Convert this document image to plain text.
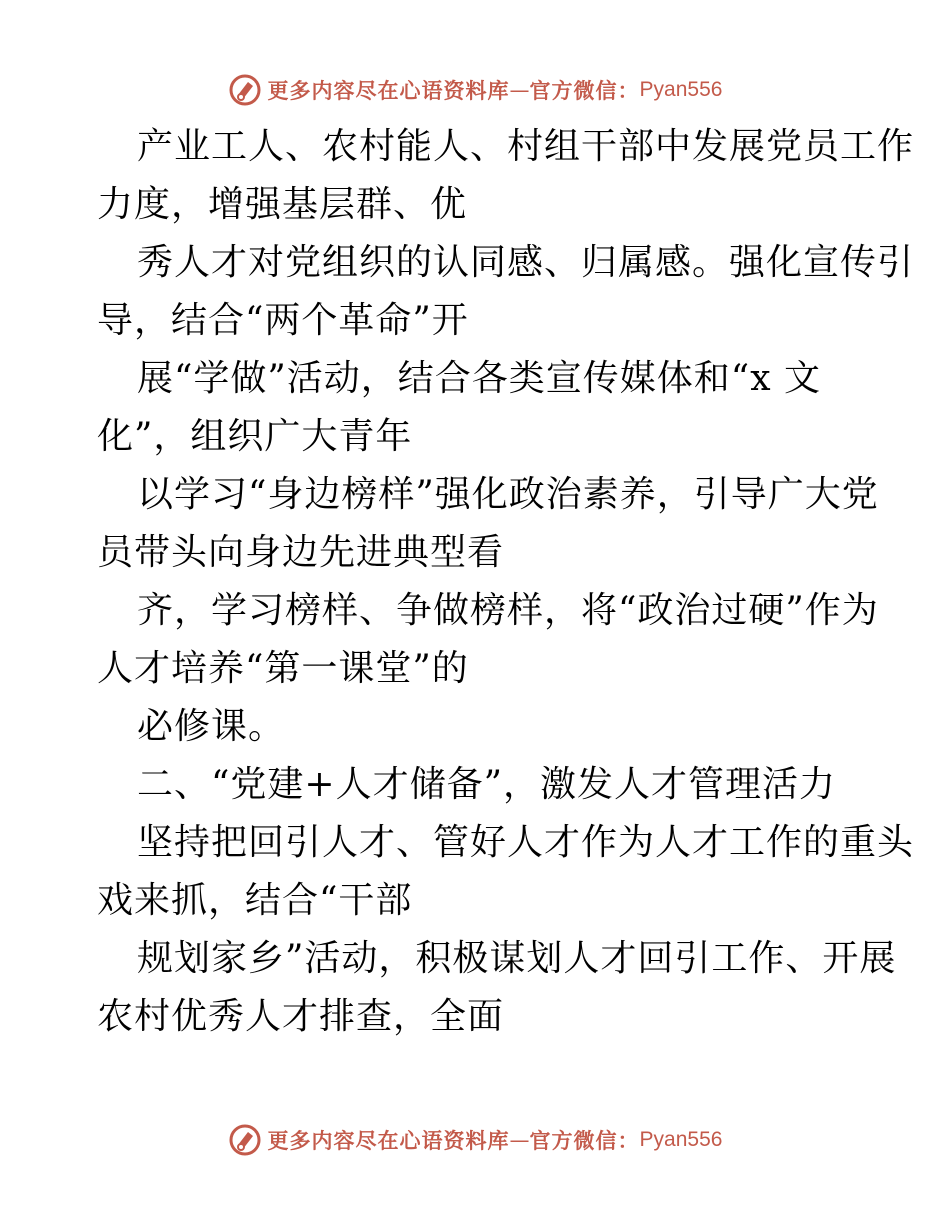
更多内容尽在心语资料库 — 官方微信： Pyan556
产业工人、农村能人、村组干部中发展党员工作
力度，增强基层群、优
秀人才对党组织的认同感、归属感。强化宣传引
导，结合“两个革命”开
展“学做”活动，结合各类宣传媒体和“x 文
化”，组织广大青年
以学习“身边榜样”强化政治素养，引导广大党
员带头向身边先进典型看
齐，学习榜样、争做榜样，将“政治过硬”作为
人才培养“第一课堂”的
必修课。
二、“党建+人才储备”，激发人才管理活力
坚持把回引人才、管好人才作为人才工作的重头
戏来抓，结合“干部
规划家乡”活动，积极谋划人才回引工作、开展
农村优秀人才排查，全面
更多内容尽在心语资料库 — 官方微信： Pyan556
